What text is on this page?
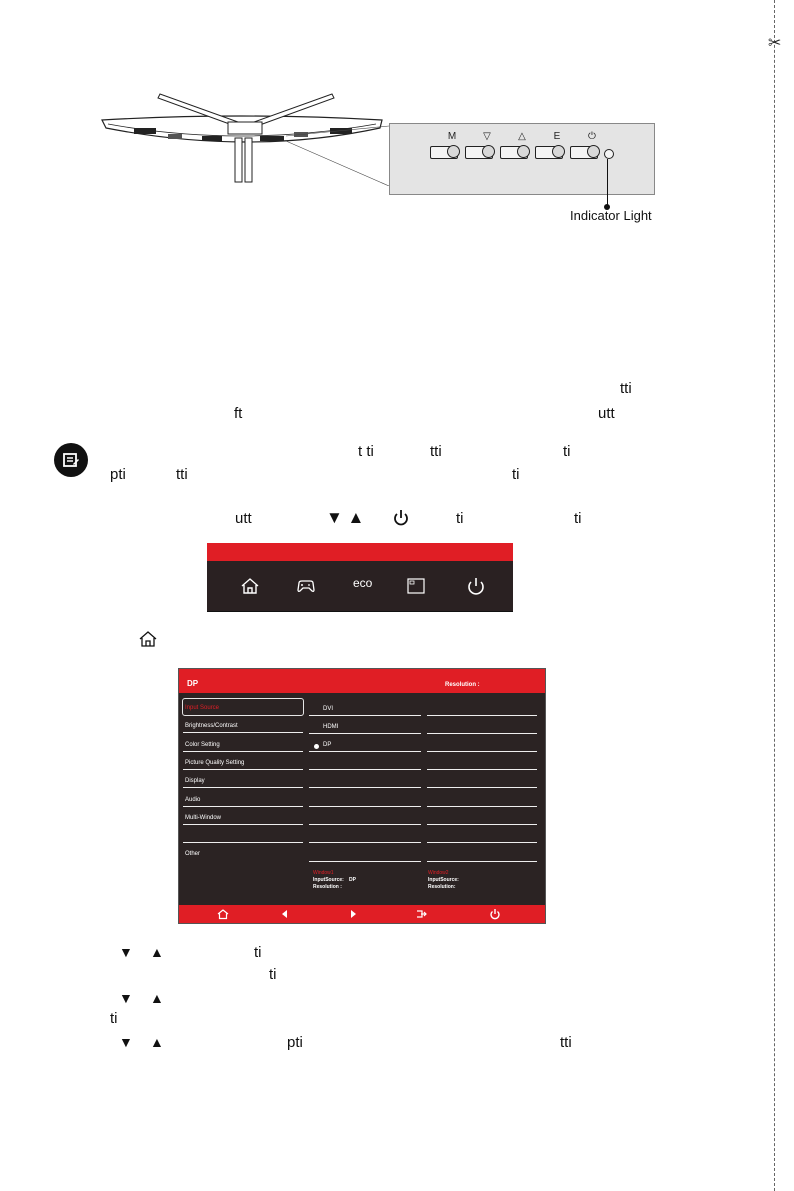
✂
M	▽	△	E	⏻
Indicator Light
tti
ft	utt
t ti	tti	ti
pti	tti	ti
utt	▼ ▲	ti	ti
eco
DP	Resolution :
Input Source
Brightness/Contrast
Color Setting
Picture Quality Setting
Display
Audio
Multi-Window
Other
DVI
HDMI
DP
Window1
InputSource: DP
Resolution :
Window2
InputSource:
Resolution:
▼ ▲	ti
ti
▼ ▲
ti
▼ ▲	pti	tti
